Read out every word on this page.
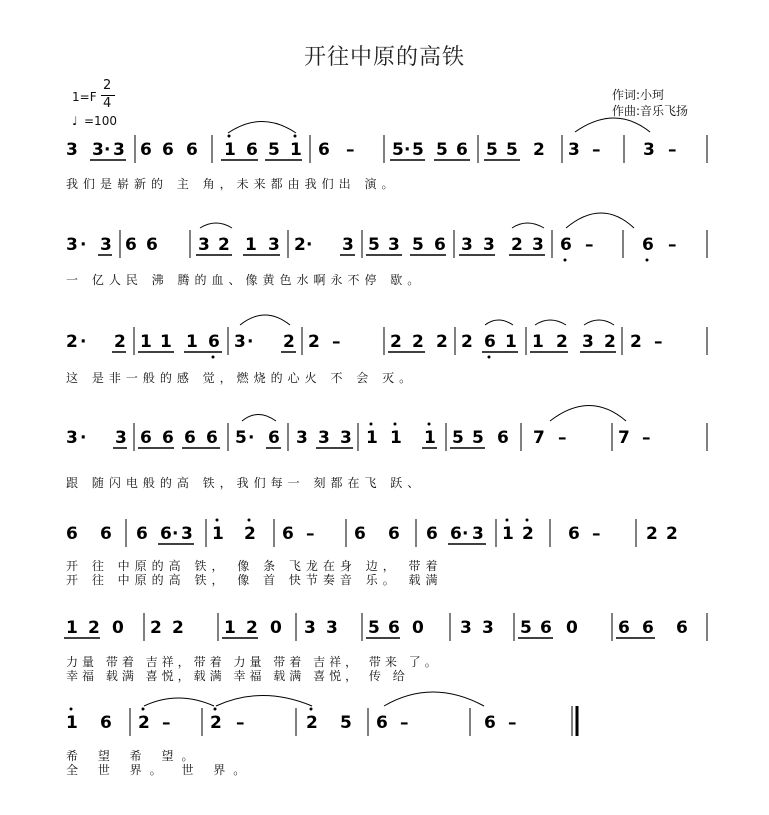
开往中原的高铁
1=F
2
4
♩ =100
作词:小珂
作曲:音乐飞扬
3 3 · 3 6 6 6 1 6 5 1 6 – 5 · 5 5 6 5 5 2 3 –	3 –
我们是崭新的 主 角，未来都由我们出 演。
3 · 3 6 6 3 2 1 3 2 · 3 5 3 5 6 3 3 2 3 6 –	6 –
一 亿人民 沸 腾的血、像黄色水啊永不停 歇。
2 · 2 1 1 1 6 3 · 2 2 –	2 2 2 2 6 1 1 2 3 2 2 –
这 是非一般的感 觉，燃烧的心火 不 会 灭。
3 · 3 6 6 6 6 5 · 6 3 3 3 1 1 1 5 5 6 7 –	7 –
跟 随闪电般的高 铁，我们每一 刻都在飞 跃、
6 6 6 6 · 3 1 2 6 – 6 6 6 6 · 3 1 2 6 –	2 2
开 往 中原的高 铁， 像 条 飞龙在身 边， 带着
开 往 中原的高 铁， 像 首 快节奏音 乐。 载满
1 2 0 2 2 1 2 0 3 3 5 6 0 3 3 5 6 0 6 6 6
力量 带着 吉祥，带着 力量 带着 吉祥， 带来 了。
幸福 载满 喜悦，载满 幸福 载满 喜悦， 传 给
1 6 2 – 2 –	2 5 6 –	6 –
希 望 希 望。
全 世 界。 世 界。
